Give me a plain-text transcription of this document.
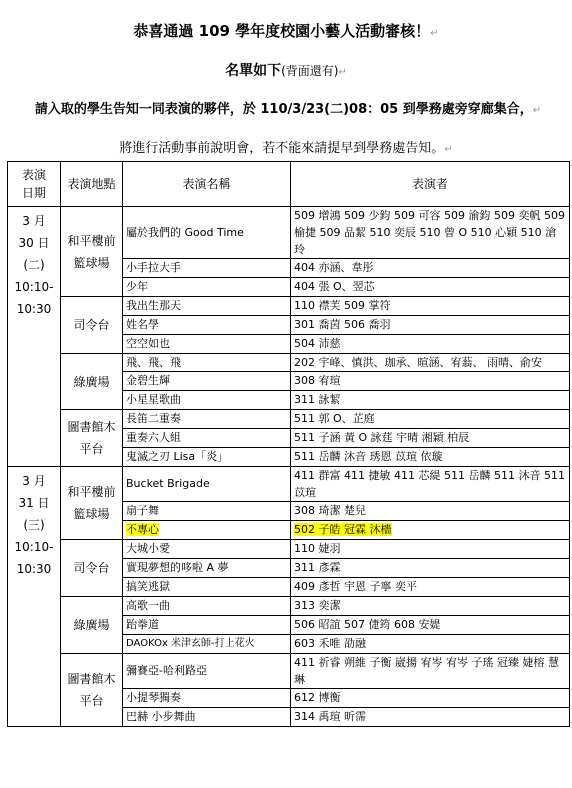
恭喜通過 109 學年度校園小藝人活動審核！↵
名單如下(背面還有)↵
請入取的學生告知一同表演的夥伴，於 110/3/23(二)08：05 到學務處旁穿廊集合，↵
將進行活動事前說明會，若不能來請提早到學務處告知。↵
表演日期	表演地點	表演名稱	表演者

3 月
30 日
(二)
10:10-
10:30	和平樓前籃球場	屬於我們的 Good Time	509 增鴻 509 少鈞 509 可容 509 渝鈞 509 奕帆 509 榆捷 509 品絜 510 奕辰 510 曾 O 510 心穎 510 滄玲
		小手拉大手	404 亦涵、韋彤
		少年	404 張 O、翌芯
	司令台	我出生那天	110 襟芙 509 掌符
		姓名學	301 喬茵 506 喬羽
		空空如也	504 沛慈
	綠廣場	飛、飛、飛	202 宇峰、慎洪、珈承、暄涵、宥蓊、 雨晴、俞安
		金碧生輝	308 宥瑄
		小星星歌曲	311 詠絜
	圖書館木平台	長笛二重奏	511 郭 O、芷庭
		重奏六人組	511 子涵 黃 O 詠莛 宇晴 湘穎 柏辰
		鬼滅之刃 Lisa「炎」	511 岳麟 沐音 琇恩 苡瑄 依璇

3 月
31 日
(三)
10:10-
10:30	和平樓前籃球場	Bucket Brigade	411 群富 411 捷敏 411 芯緹 511 岳麟 511 沐音 511 苡瑄
		扇子舞	308 琦潔 楚兒
		不專心	502 子皓 冠霖 沐檣
	司令台	大城小愛	110 婕羽
		實現夢想的哆啦 A 夢	311 彥霖
		搞笑逃獄	409 彥哲 宇恩 子寧 奕平
	綠廣場	高歌一曲	313 奕潔
		跆拳道	506 昭誼 507 倢筠 608 安媞
		DAOKOx 米津玄師-打上花火	603 禾唯 劭融
	圖書館木平台	彌賽亞-哈利路亞	411 祈睿 朔維 子衡 崴揚 宥岑 宥岑 子瑤 冠臻 婕榕 慧琳
		小提琴獨奏	612 博衡
		巴赫 小步舞曲	314 禹瑄 昕霈
